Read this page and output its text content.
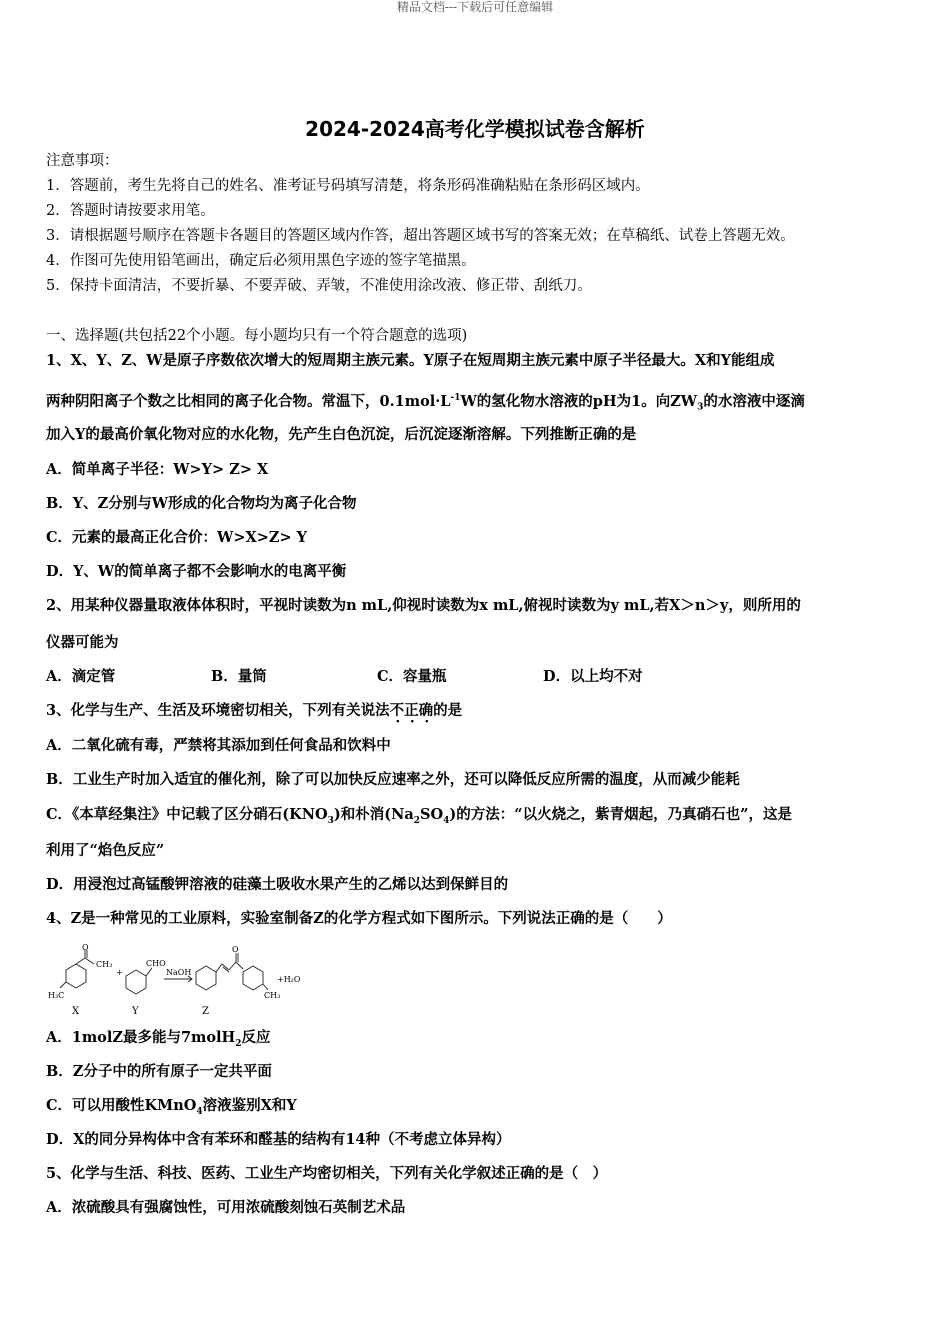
精品文档---下载后可任意编辑
2024-2024高考化学模拟试卷含解析
注意事项：
1．答题前，考生先将自己的姓名、准考证号码填写清楚，将条形码准确粘贴在条形码区域内。
2．答题时请按要求用笔。
3．请根据题号顺序在答题卡各题目的答题区域内作答，超出答题区域书写的答案无效；在草稿纸、试卷上答题无效。
4．作图可先使用铅笔画出，确定后必须用黑色字迹的签字笔描黑。
5．保持卡面清洁，不要折暴、不要弄破、弄皱，不准使用涂改液、修正带、刮纸刀。
一、选择题(共包括22个小题。每小题均只有一个符合题意的选项)
1、X、Y、Z、W是原子序数依次增大的短周期主族元素。Y原子在短周期主族元素中原子半径最大。X和Y能组成
两种阴阳离子个数之比相同的离子化合物。常温下，$0.1mol\cdot L^{-1}W$的氢化物水溶液的pH为1。向$ZW_3$的水溶液中逐滴
加入Y的最高价氧化物对应的水化物，先产生白色沉淀，后沉淀逐渐溶解。下列推断正确的是
A．简单离子半径：W>Y> Z> X
B．Y、Z分别与W形成的化合物均为离子化合物
C．元素的最高正化合价：W>X>Z> Y
D．Y、W的简单离子都不会影响水的电离平衡
2、用某种仪器量取液体体积时，平视时读数为n mL,仰视时读数为x mL,俯视时读数为y mL,若X＞n＞y，则所用的
仪器可能为
A．滴定管	B．量筒	C．容量瓶	D．以上均不对
3、化学与生产、生活及环境密切相关，下列有关说法不正确的是
A．二氧化硫有毒，严禁将其添加到任何食品和饮料中
B．工业生产时加入适宜的催化剂，除了可以加快反应速率之外，还可以降低反应所需的温度，从而减少能耗
C．《本草经集注》中记载了区分硝石$(KNO_3)$和朴消$(Na_2SO_4)$的方法：“以火烧之，紫青烟起，乃真硝石也”，这是
利用了“焰色反应”
D．用浸泡过高锰酸钾溶液的硅藻土吸收水果产生的乙烯以达到保鲜目的
4、Z是一种常见的工业原料，实验室制备Z的化学方程式如下图所示。下列说法正确的是（　　）
O
CH₃
H₃C
+
CHO
NaOH
O
CH₃
+H₂O
X	Y	Z
A．1molZ最多能与7molH$_2$反应
B．Z分子中的所有原子一定共平面
C．可以用酸性KMnO$_4$溶液鉴别X和Y
D．X的同分异构体中含有苯环和醛基的结构有14种（不考虑立体异构）
5、化学与生活、科技、医药、工业生产均密切相关，下列有关化学叙述正确的是（　）
A．浓硫酸具有强腐蚀性，可用浓硫酸刻蚀石英制艺术品
